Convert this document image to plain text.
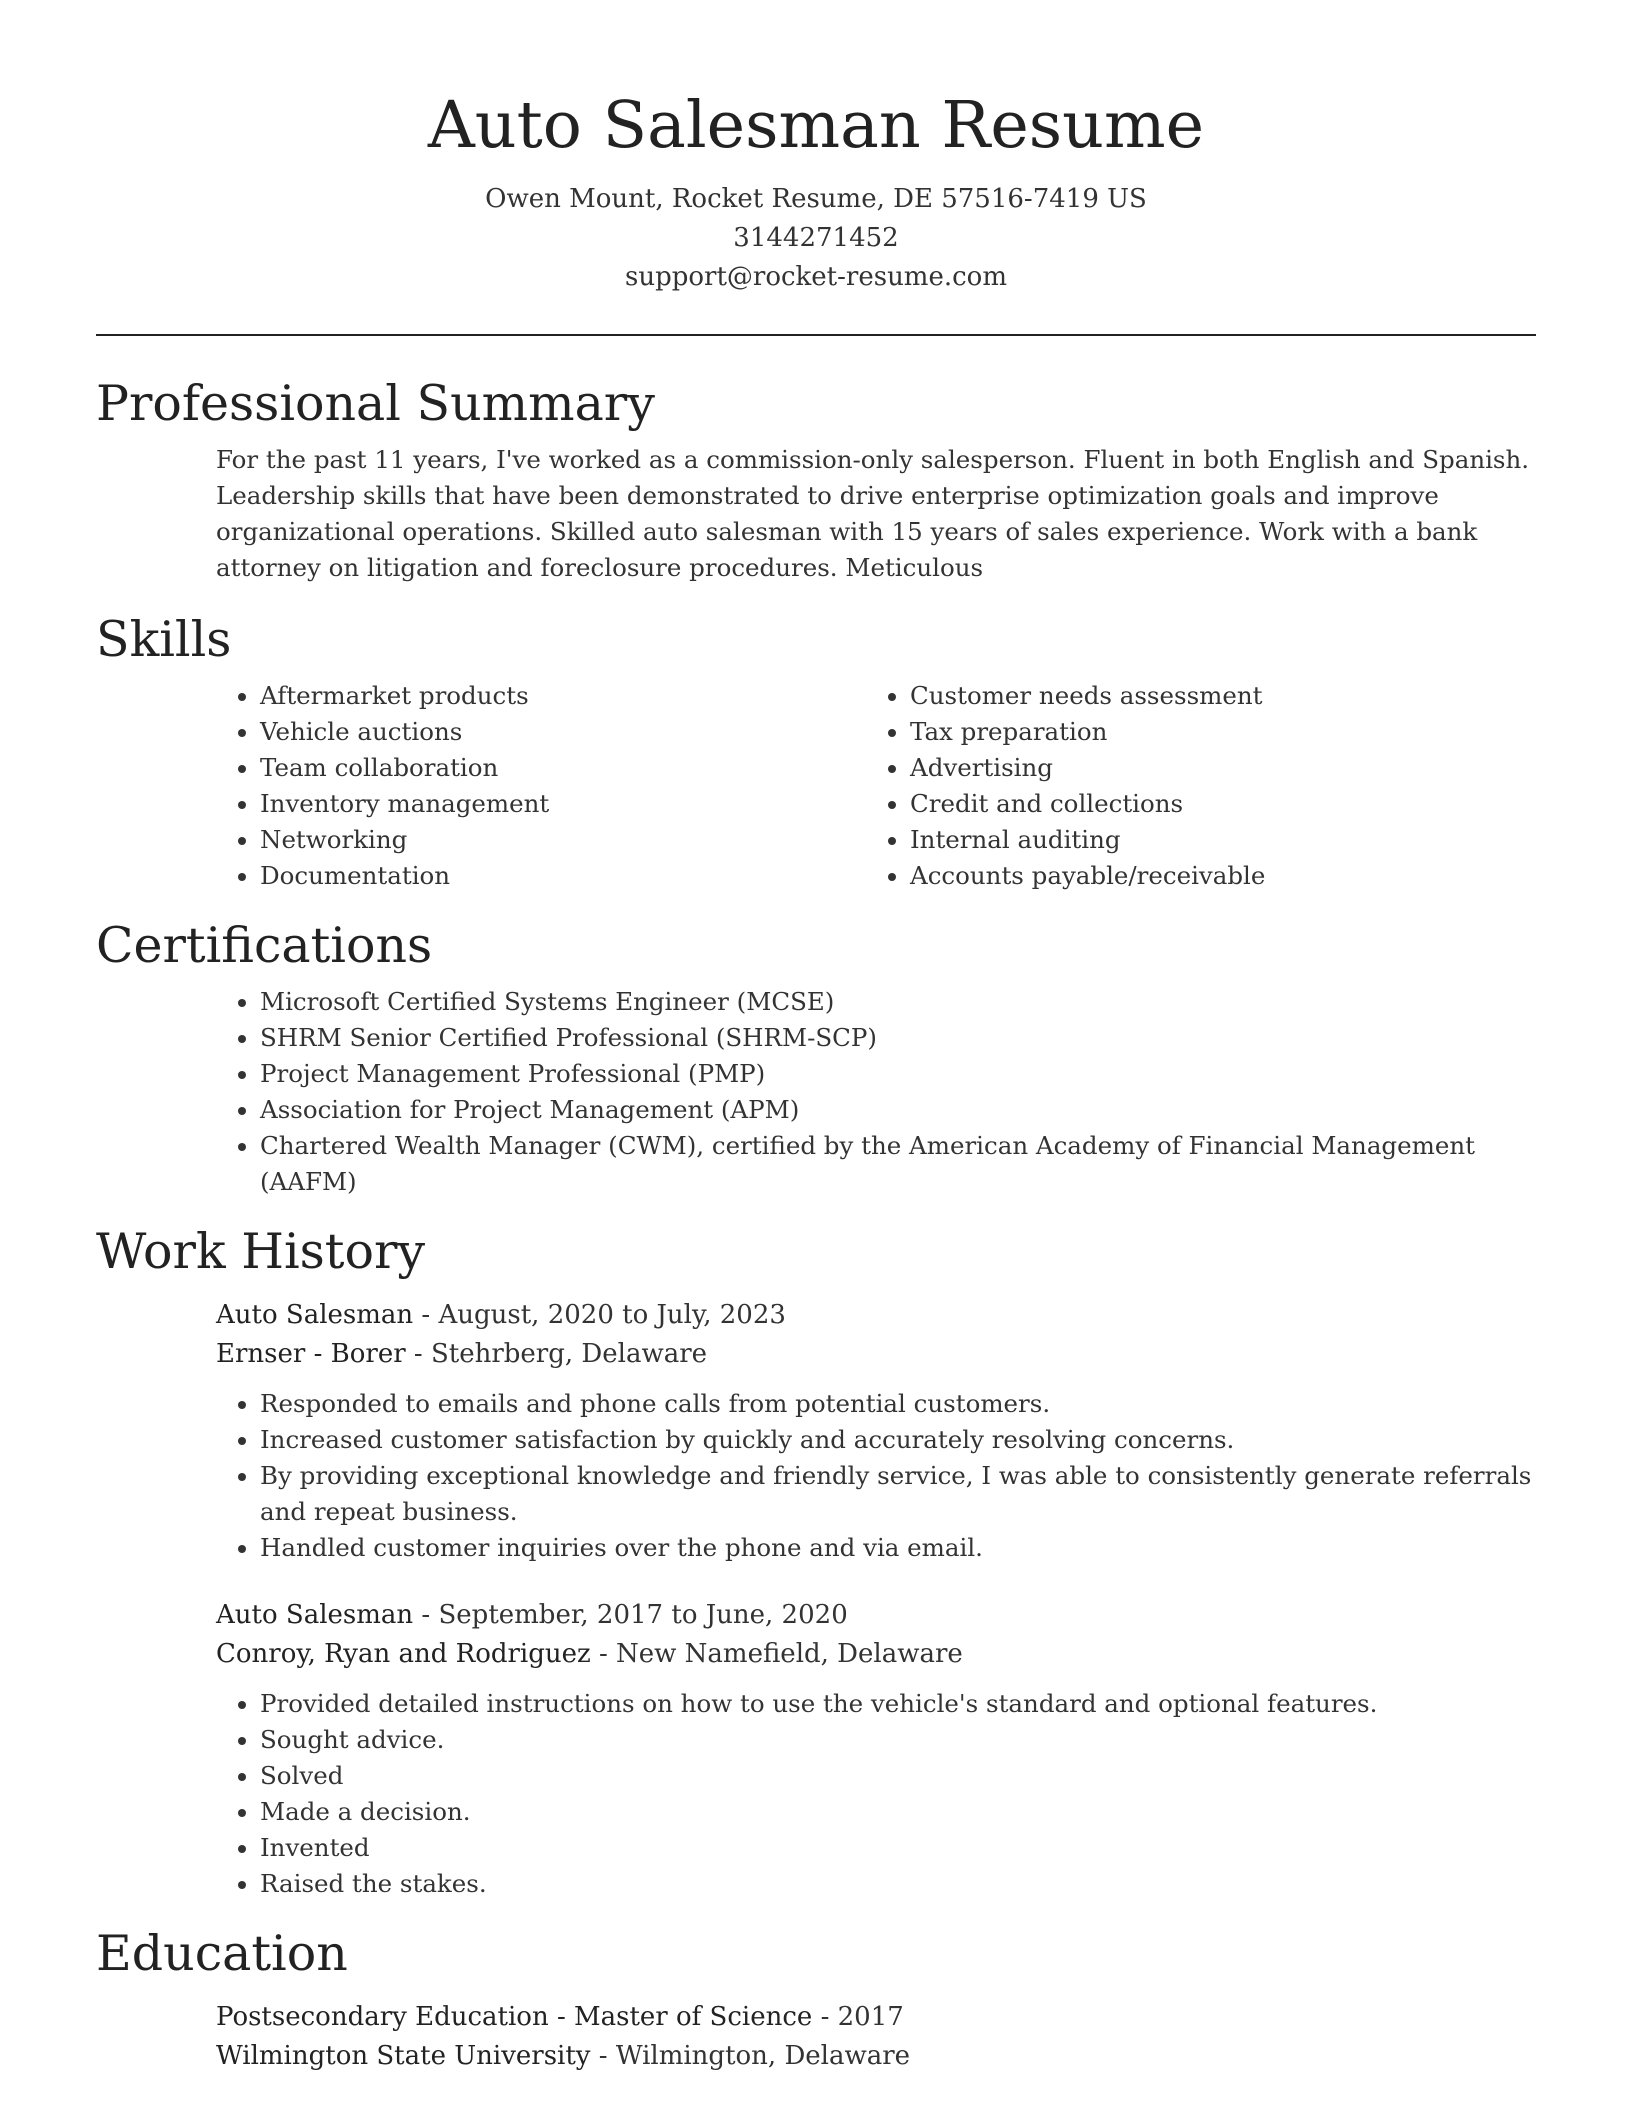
Auto Salesman Resume
Owen Mount, Rocket Resume, DE 57516-7419 US
3144271452
support@rocket-resume.com
Professional Summary
For the past 11 years, I've worked as a commission-only salesperson. Fluent in both English and Spanish. Leadership skills that have been demonstrated to drive enterprise optimization goals and improve organizational operations. Skilled auto salesman with 15 years of sales experience. Work with a bank attorney on litigation and foreclosure procedures. Meticulous
Skills
• Aftermarket products
• Vehicle auctions
• Team collaboration
• Inventory management
• Networking
• Documentation
• Customer needs assessment
• Tax preparation
• Advertising
• Credit and collections
• Internal auditing
• Accounts payable/receivable
Certifications
• Microsoft Certified Systems Engineer (MCSE)
• SHRM Senior Certified Professional (SHRM-SCP)
• Project Management Professional (PMP)
• Association for Project Management (APM)
• Chartered Wealth Manager (CWM), certified by the American Academy of Financial Management (AAFM)
Work History
Auto Salesman - August, 2020 to July, 2023
Ernser - Borer - Stehrberg, Delaware
• Responded to emails and phone calls from potential customers.
• Increased customer satisfaction by quickly and accurately resolving concerns.
• By providing exceptional knowledge and friendly service, I was able to consistently generate referrals and repeat business.
• Handled customer inquiries over the phone and via email.
Auto Salesman - September, 2017 to June, 2020
Conroy, Ryan and Rodriguez - New Namefield, Delaware
• Provided detailed instructions on how to use the vehicle's standard and optional features.
• Sought advice.
• Solved
• Made a decision.
• Invented
• Raised the stakes.
Education
Postsecondary Education - Master of Science - 2017
Wilmington State University - Wilmington, Delaware
